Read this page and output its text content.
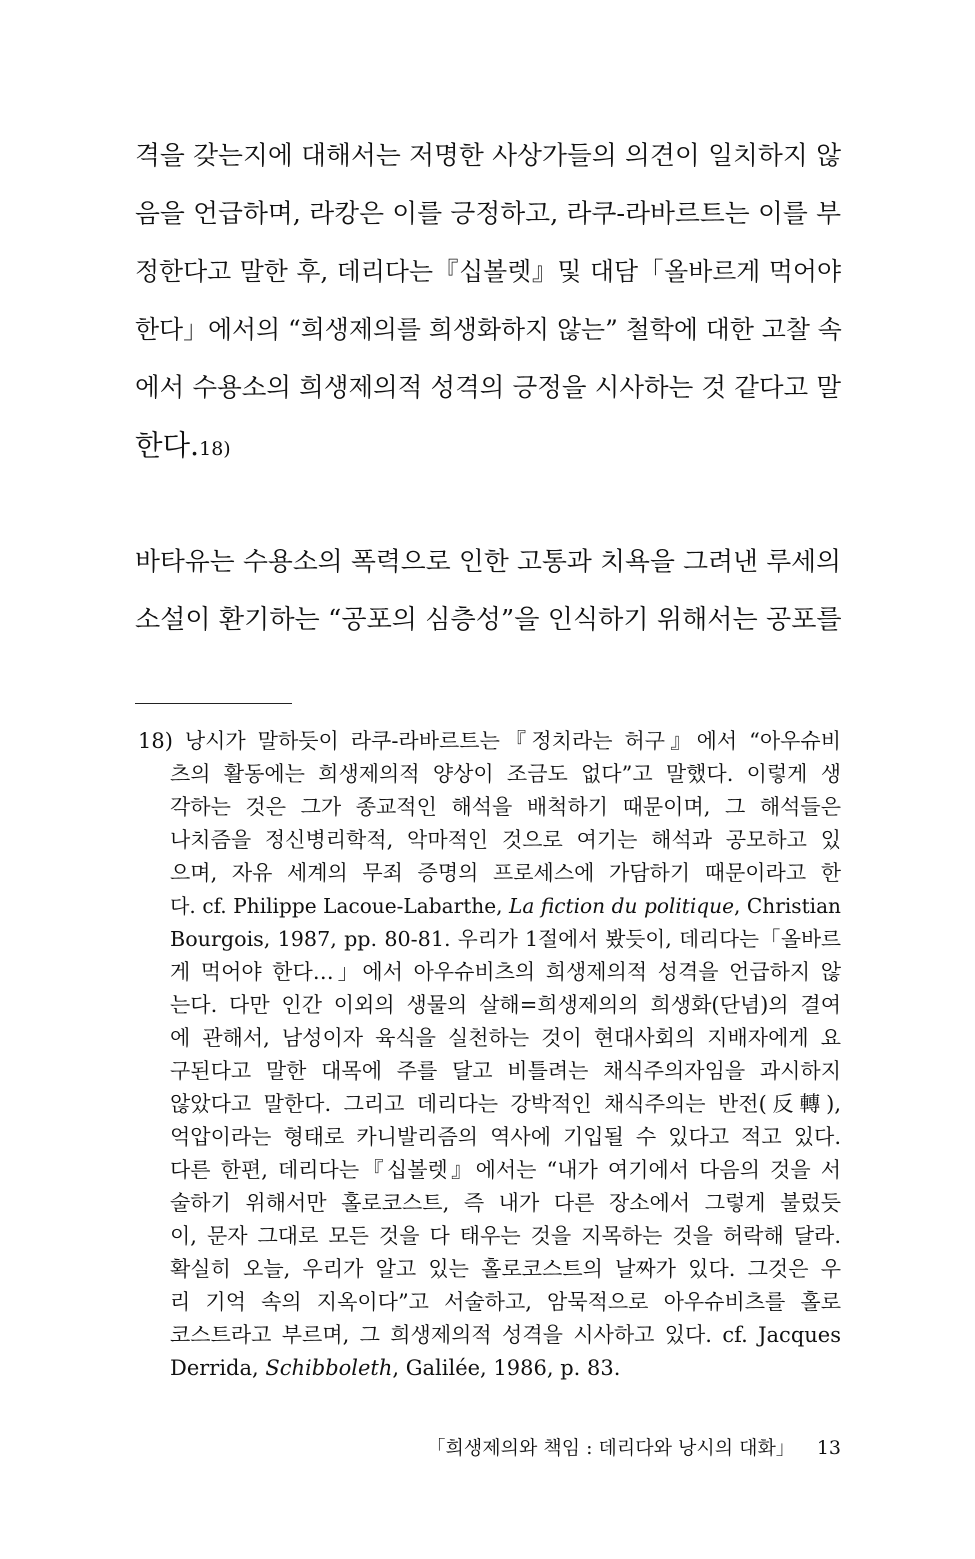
격을 갖는지에 대해서는 저명한 사상가들의 의견이 일치하지 않
음을 언급하며, 라캉은 이를 긍정하고, 라쿠-라바르트는 이를 부
정한다고 말한 후, 데리다는『십볼렛』및 대담「올바르게 먹어야
한다」에서의 “희생제의를 희생화하지 않는” 철학에 대한 고찰 속
에서 수용소의 희생제의적 성격의 긍정을 시사하는 것 같다고 말
한다.18)
바타유는 수용소의 폭력으로 인한 고통과 치욕을 그려낸 루세의
소설이 환기하는 “공포의 심층성”을 인식하기 위해서는 공포를
18) 낭시가 말하듯이 라쿠-라바르트는『정치라는 허구』에서 “아우슈비
츠의 활동에는 희생제의적 양상이 조금도 없다”고 말했다. 이렇게 생
각하는 것은 그가 종교적인 해석을 배척하기 때문이며, 그 해석들은
나치즘을 정신병리학적, 악마적인 것으로 여기는 해석과 공모하고 있
으며, 자유 세계의 무죄 증명의 프로세스에 가담하기 때문이라고 한
다. cf. Philippe Lacoue-Labarthe, La fiction du politique, Christian
Bourgois, 1987, pp. 80-81. 우리가 1절에서 봤듯이, 데리다는「올바르
게 먹어야 한다…」에서 아우슈비츠의 희생제의적 성격을 언급하지 않
는다. 다만 인간 이외의 생물의 살해=희생제의의 희생화(단념)의 결여
에 관해서, 남성이자 육식을 실천하는 것이 현대사회의 지배자에게 요
구된다고 말한 대목에 주를 달고 비틀려는 채식주의자임을 과시하지
않았다고 말한다. 그리고 데리다는 강박적인 채식주의는 반전(反轉),
억압이라는 형태로 카니발리즘의 역사에 기입될 수 있다고 적고 있다.
다른 한편, 데리다는『십볼렛』에서는 “내가 여기에서 다음의 것을 서
술하기 위해서만 홀로코스트, 즉 내가 다른 장소에서 그렇게 불렀듯
이, 문자 그대로 모든 것을 다 태우는 것을 지목하는 것을 허락해 달라.
확실히 오늘, 우리가 알고 있는 홀로코스트의 날짜가 있다. 그것은 우
리 기억 속의 지옥이다”고 서술하고, 암묵적으로 아우슈비츠를 홀로
코스트라고 부르며, 그 희생제의적 성격을 시사하고 있다. cf. Jacques
Derrida, Schibboleth, Galilée, 1986, p. 83.
「희생제의와 책임 : 데리다와 낭시의 대화」 13
